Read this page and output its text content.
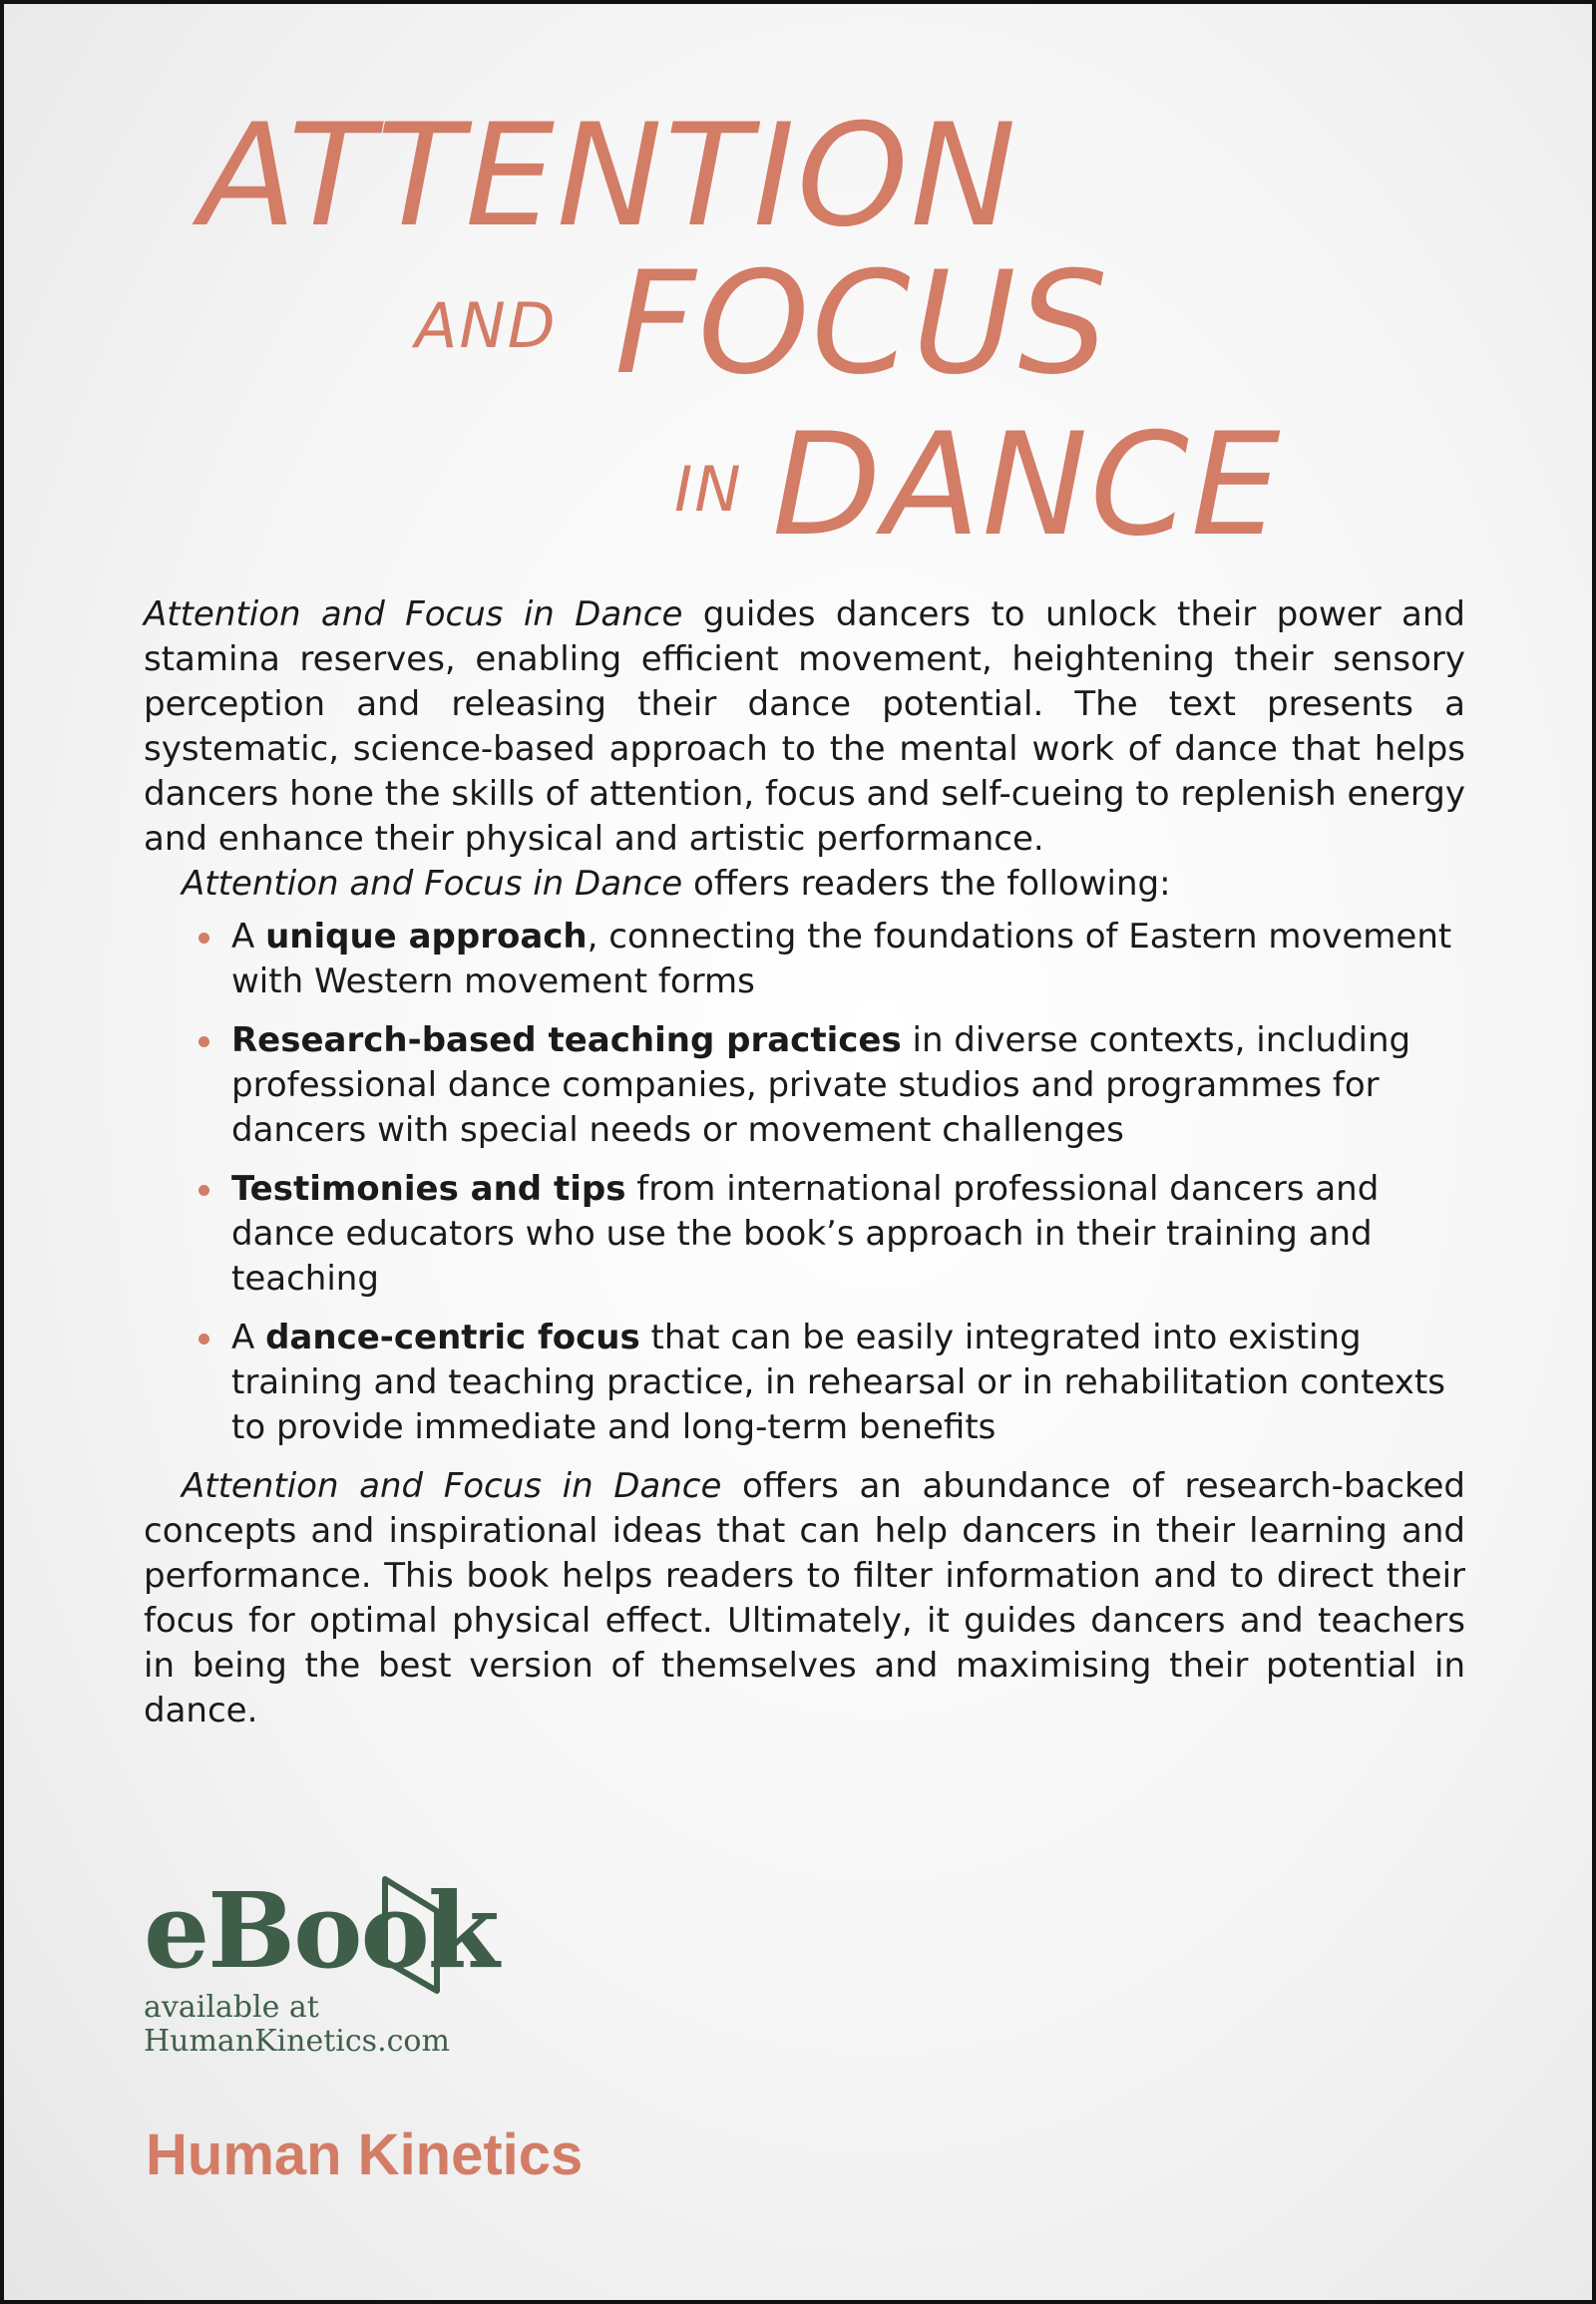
ATTENTION
AND FOCUS
IN DANCE

Attention and Focus in Dance guides dancers to unlock their power and stamina reserves, enabling efficient movement, heightening their sensory perception and releasing their dance potential. The text presents a systematic, science-based approach to the mental work of dance that helps dancers hone the skills of attention, focus and self-cueing to replenish energy and enhance their physical and artistic performance.

Attention and Focus in Dance offers readers the following:

A unique approach, connecting the foundations of Eastern movement with Western movement forms
Research-based teaching practices in diverse contexts, including professional dance companies, private studios and programmes for dancers with special needs or movement challenges
Testimonies and tips from international professional dancers and dance educators who use the book’s approach in their training and teaching
A dance-centric focus that can be easily integrated into existing training and teaching practice, in rehearsal or in rehabilitation contexts to provide immediate and long-term benefits

Attention and Focus in Dance offers an abundance of research-backed concepts and inspirational ideas that can help dancers in their learning and performance. This book helps readers to filter information and to direct their focus for optimal physical effect. Ultimately, it guides dancers and teachers in being the best version of themselves and maximising their potential in dance.

eBook
available at
HumanKinetics.com
Human Kinetics
